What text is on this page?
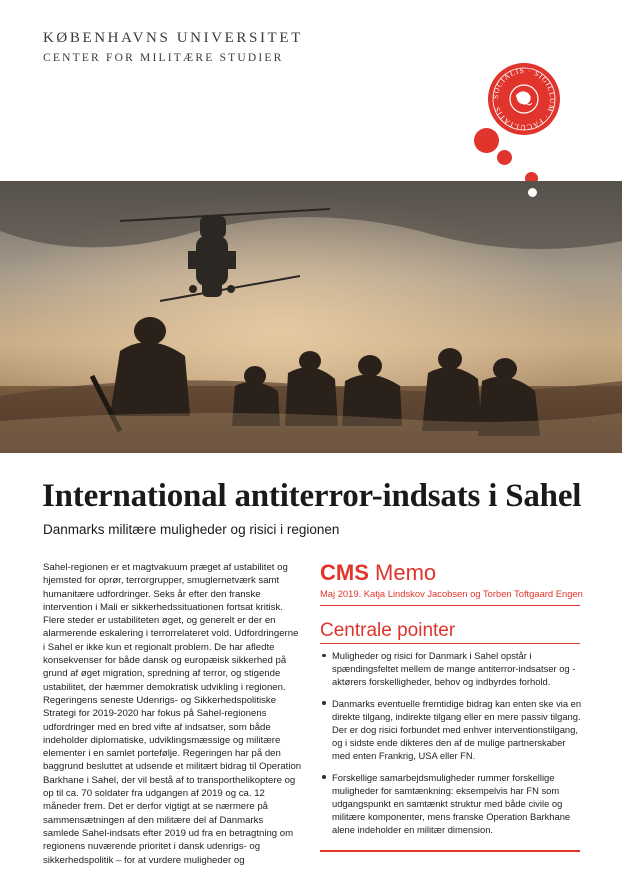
KØBENHAVNS UNIVERSITET
CENTER FOR MILITÆRE STUDIER
SOCIALIS · SIGILLUM · FACULTATIS
International antiterror-indsats i Sahel
Danmarks militære muligheder og risici i regionen

Sahel-regionen er et magtvakuum præget af ustabilitet og hjemsted for oprør, terrorgrupper, smuglernetværk samt humanitære udfordringer. Seks år efter den franske intervention i Mali er sikkerhedssituationen fortsat kritisk. Flere steder er ustabiliteten øget, og generelt er der en alarmerende eskalering i terrorrelateret vold. Udfordringerne i Sahel er ikke kun et regionalt problem. De har afledte konsekvenser for både dansk og europæisk sikkerhed på grund af øget migration, spredning af terror, og stigende ustabilitet, der hæmmer demokratisk udvikling i regionen. Regeringens seneste Udenrigs- og Sikkerhedspolitiske Strategi for 2019-2020 har fokus på Sahel-regionens udfordringer med en bred vifte af indsatser, som både indeholder diplomatiske, udviklingsmæssige og militære elementer i en samlet portefølje. Regeringen har på den baggrund besluttet at udsende et militært bidrag til Operation Barkhane i Sahel, der vil bestå af to transporthelikoptere og op til ca. 70 soldater fra udgangen af 2019 og ca. 12 måneder frem. Det er derfor vigtigt at se nærmere på sammensætningen af den militære del af Danmarks samlede Sahel-indsats efter 2019 ud fra en betragtning om regionens nuværende prioritet i dansk udenrigs- og sikkerhedspolitik – for at vurdere muligheder og

CMS Memo
Maj 2019. Katja Lindskov Jacobsen og Torben Toftgaard Engen
Centrale pointer
Muligheder og risici for Danmark i Sahel opstår i spændingsfeltet mellem de mange antiterror-indsatser og -aktørers forskelligheder, behov og indbyrdes forhold.
Danmarks eventuelle fremtidige bidrag kan enten ske via en direkte tilgang, indirekte tilgang eller en mere passiv tilgang. Der er dog risici forbundet med enhver interventionstilgang, og i sidste ende dikteres den af de mulige partnerskaber med enten Frankrig, USA eller FN.
Forskellige samarbejdsmuligheder rummer forskellige muligheder for samtænkning: eksempelvis har FN som udgangspunkt en samtænkt struktur med både civile og militære komponenter, mens franske Operation Barkhane alene indeholder en militær dimension.
